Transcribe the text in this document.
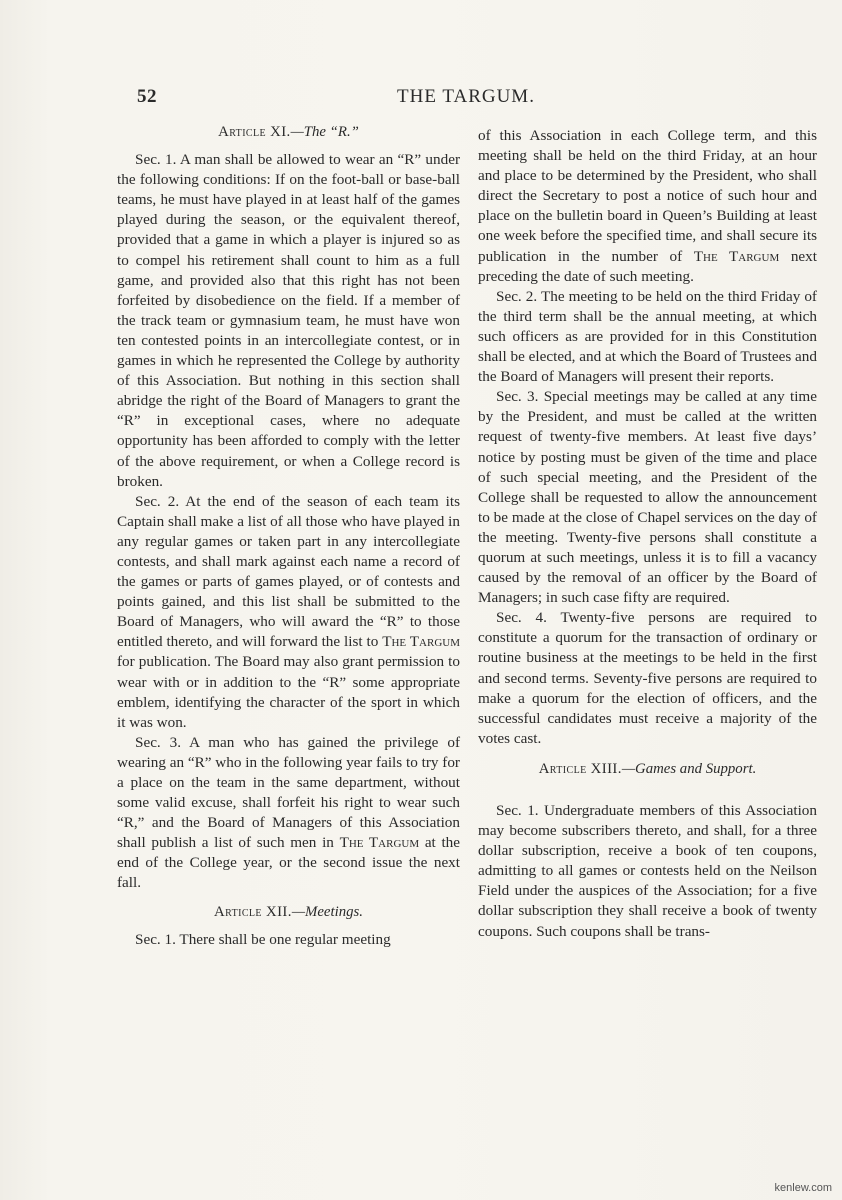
52	THE TARGUM.
Article XI.—The “R.”

Sec. 1. A man shall be allowed to wear an “R” under the following conditions: If on the foot-ball or base-ball teams, he must have played in at least half of the games played during the season, or the equivalent thereof, provided that a game in which a player is injured so as to compel his retirement shall count to him as a full game, and provided also that this right has not been forfeited by disobedience on the field. If a member of the track team or gymnasium team, he must have won ten contested points in an intercollegiate contest, or in games in which he represented the College by authority of this Association. But nothing in this section shall abridge the right of the Board of Managers to grant the “R” in exceptional cases, where no adequate opportunity has been afforded to comply with the letter of the above requirement, or when a College record is broken.

Sec. 2. At the end of the season of each team its Captain shall make a list of all those who have played in any regular games or taken part in any intercollegiate contests, and shall mark against each name a record of the games or parts of games played, or of contests and points gained, and this list shall be submitted to the Board of Managers, who will award the “R” to those entitled thereto, and will forward the list to The Targum for publication. The Board may also grant permission to wear with or in addition to the “R” some appropriate emblem, identifying the character of the sport in which it was won.

Sec. 3. A man who has gained the privilege of wearing an “R” who in the following year fails to try for a place on the team in the same department, without some valid excuse, shall forfeit his right to wear such “R,” and the Board of Managers of this Association shall publish a list of such men in The Targum at the end of the College year, or the second issue the next fall.

Article XII.—Meetings.

Sec. 1. There shall be one regular meeting

of this Association in each College term, and this meeting shall be held on the third Friday, at an hour and place to be determined by the President, who shall direct the Secretary to post a notice of such hour and place on the bulletin board in Queen’s Building at least one week before the specified time, and shall secure its publication in the number of The Targum next preceding the date of such meeting.

Sec. 2. The meeting to be held on the third Friday of the third term shall be the annual meeting, at which such officers as are provided for in this Constitution shall be elected, and at which the Board of Trustees and the Board of Managers will present their reports.

Sec. 3. Special meetings may be called at any time by the President, and must be called at the written request of twenty-five members. At least five days’ notice by posting must be given of the time and place of such special meeting, and the President of the College shall be requested to allow the announcement to be made at the close of Chapel services on the day of the meeting. Twenty-five persons shall constitute a quorum at such meetings, unless it is to fill a vacancy caused by the removal of an officer by the Board of Managers; in such case fifty are required.

Sec. 4. Twenty-five persons are required to constitute a quorum for the transaction of ordinary or routine business at the meetings to be held in the first and second terms. Seventy-five persons are required to make a quorum for the election of officers, and the successful candidates must receive a majority of the votes cast.

Article XIII.—Games and Support.

Sec. 1. Undergraduate members of this Association may become subscribers thereto, and shall, for a three dollar subscription, receive a book of ten coupons, admitting to all games or contests held on the Neilson Field under the auspices of the Association; for a five dollar subscription they shall receive a book of twenty coupons. Such coupons shall be trans-

kenlew.com
